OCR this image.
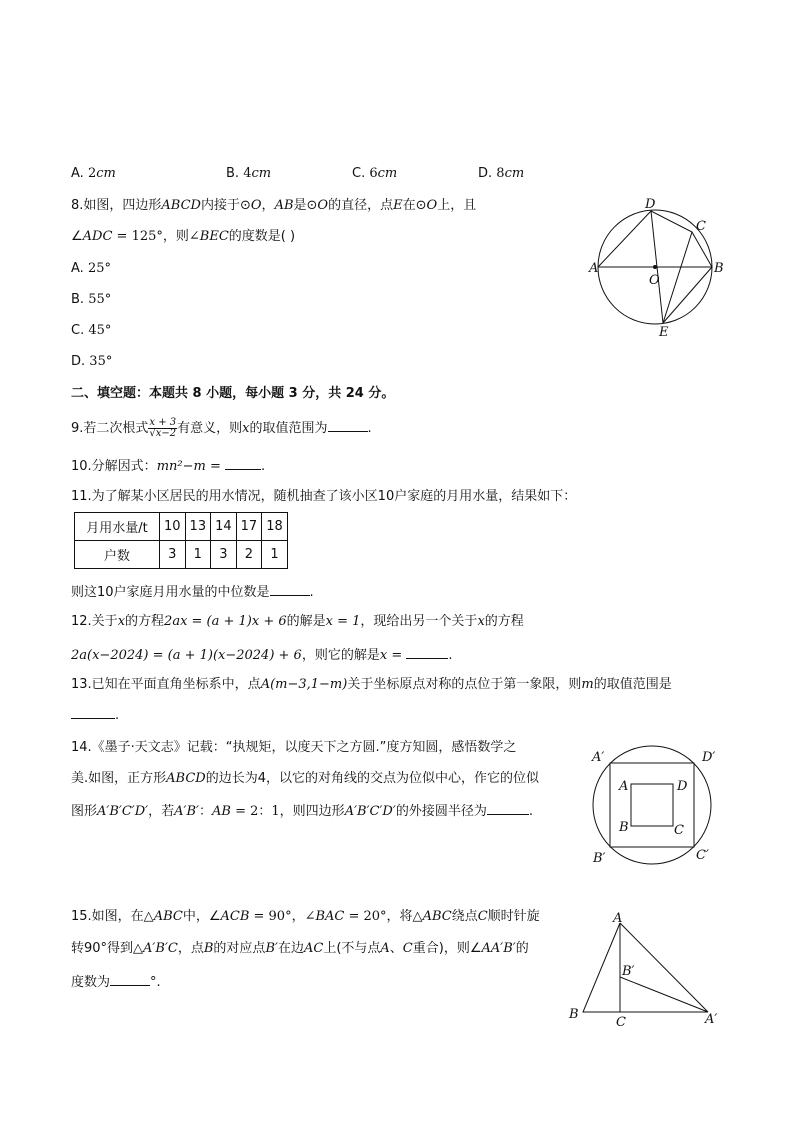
A. 2cm	B. 4cm	C. 6cm	D. 8cm
8.如图，四边形ABCD内接于⊙O，AB是⊙O的直径，点E在⊙O上，且
∠ADC = 125°，则∠BEC的度数是( )
A. 25°
B. 55°
C. 45°
D. 35°
A	B
C
D
E
O
二、填空题：本题共 8 小题，每小题 3 分，共 24 分。
9.若二次根式 $\frac{x + 3}{√x-2}$ 有意义，则x的取值范围为	.
10.分解因式：mn²−m =	.
11.为了解某小区居民的用水情况，随机抽查了该小区10户家庭的月用水量，结果如下：
月用水量/t	10	13	14	17	18
户数	3	1	3	2	1
则这10户家庭月用水量的中位数是	.
12.关于x的方程2ax = (a + 1)x + 6的解是x = 1，现给出另一个关于x的方程
2a(x−2024) = (a + 1)(x−2024) + 6，则它的解是x =	.
13.已知在平面直角坐标系中，点A(m−3,1−m)关于坐标原点对称的点位于第一象限，则m的取值范围是
.
14.《墨子·天文志》记载：“执规矩，以度天下之方圆.”度方知圆，感悟数学之
美.如图，正方形ABCD的边长为4，以它的对角线的交点为位似中心，作它的位似
图形A′B′C′D′，若A′B′：AB = 2：1，则四边形A′B′C′D′的外接圆半径为	.
A′	D′
B′	C′
A	D
B	C
15.如图，在△ABC中，∠ACB = 90°，∠BAC = 20°，将△ABC绕点C顺时针旋
转90°得到△A′B′C，点B的对应点B′在边AC上(不与点A、C重合)，则∠AA′B′的
度数为	°.
A
B
C
B′
A′
